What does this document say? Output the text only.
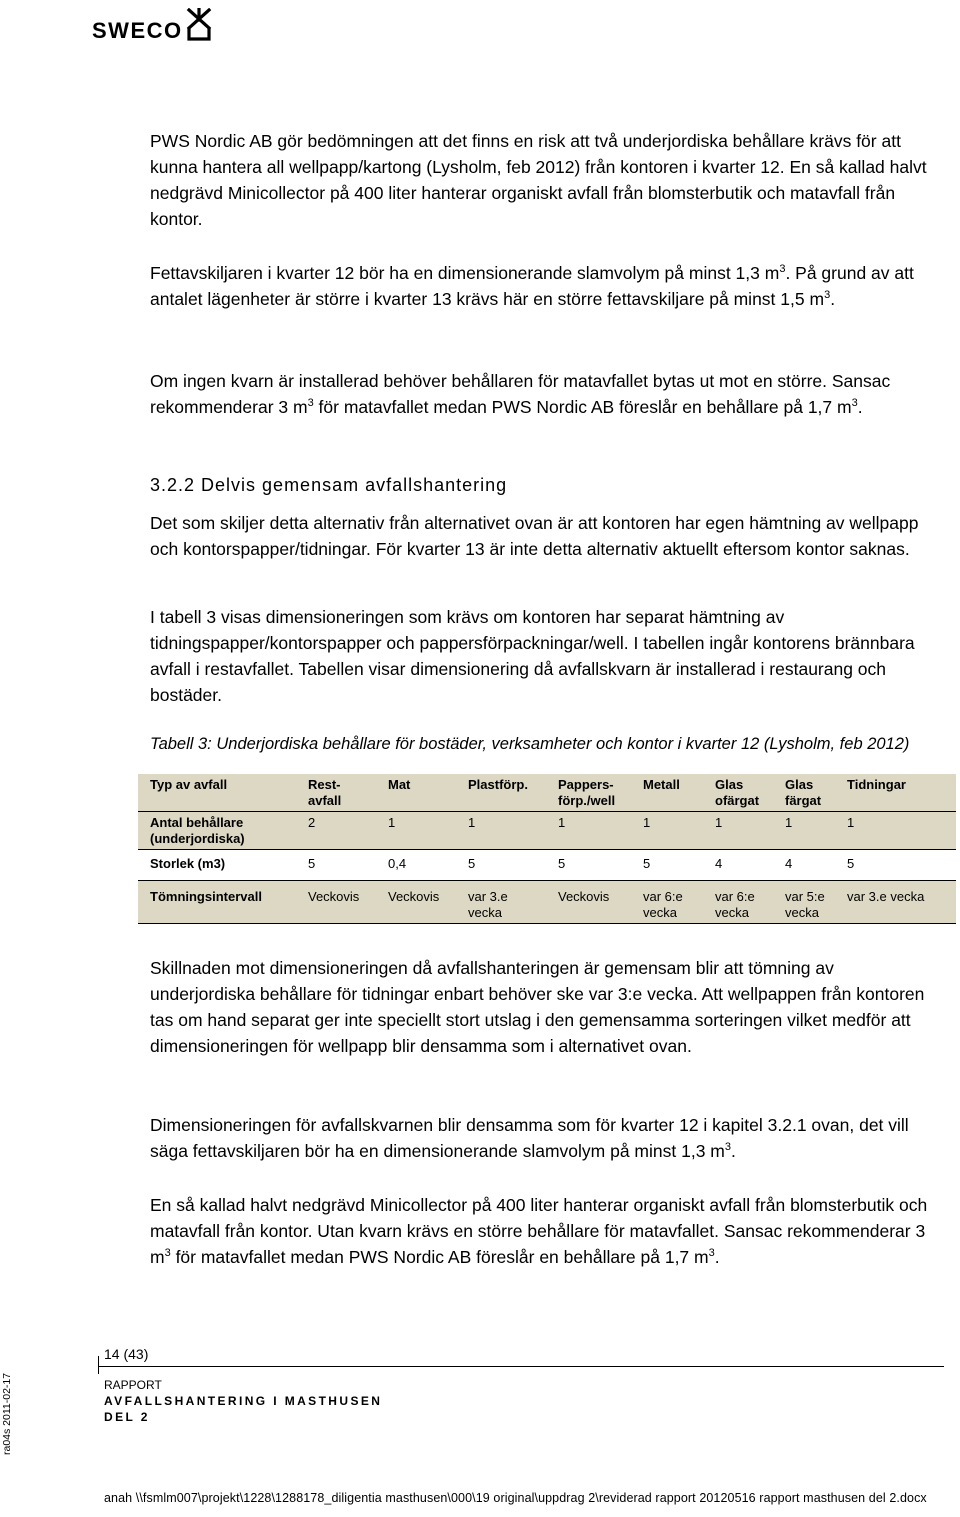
SWECO

PWS Nordic AB gör bedömningen att det finns en risk att två underjordiska behållare krävs för att kunna hantera all wellpapp/kartong (Lysholm, feb 2012) från kontoren i kvarter 12. En så kallad halvt nedgrävd Minicollector på 400 liter hanterar organiskt avfall från blomsterbutik och matavfall från kontor.

Fettavskiljaren i kvarter 12 bör ha en dimensionerande slamvolym på minst 1,3 $m^3$. På grund av att antalet lägenheter är större i kvarter 13 krävs här en större fettavskiljare på minst 1,5 $m^3$.

Om ingen kvarn är installerad behöver behållaren för matavfallet bytas ut mot en större. Sansac rekommenderar 3 $m^3$ för matavfallet medan PWS Nordic AB föreslår en behållare på 1,7 $m^3$.

3.2.2 Delvis gemensam avfallshantering

Det som skiljer detta alternativ från alternativet ovan är att kontoren har egen hämtning av wellpapp och kontorspapper/tidningar. För kvarter 13 är inte detta alternativ aktuellt eftersom kontor saknas.

I tabell 3 visas dimensioneringen som krävs om kontoren har separat hämtning av tidningspapper/kontorspapper och pappersförpackningar/well. I tabellen ingår kontorens brännbara avfall i restavfallet. Tabellen visar dimensionering då avfallskvarn är installerad i restaurang och bostäder.

Tabell 3: Underjordiska behållare för bostäder, verksamheter och kontor i kvarter 12 (Lysholm, feb 2012)
Typ av avfall	Rest-avfall	Mat	Plastförp.	Pappers-förp./well	Metall	Glas ofärgat	Glas färgat	Tidningar
Antal behållare (underjordiska)	2	1	1	1	1	1	1	1
Storlek (m3)	5	0,4	5	5	5	4	4	5
Tömningsintervall	Veckovis	Veckovis	var 3.e vecka	Veckovis	var 6:e vecka	var 6:e vecka	var 5:e vecka	var 3.e vecka

Skillnaden mot dimensioneringen då avfallshanteringen är gemensam blir att tömning av underjordiska behållare för tidningar enbart behöver ske var 3:e vecka. Att wellpappen från kontoren tas om hand separat ger inte speciellt stort utslag i den gemensamma sorteringen vilket medför att dimensioneringen för wellpapp blir densamma som i alternativet ovan.

Dimensioneringen för avfallskvarnen blir densamma som för kvarter 12 i kapitel 3.2.1 ovan, det vill säga fettavskiljaren bör ha en dimensionerande slamvolym på minst 1,3 $m^3$.

En så kallad halvt nedgrävd Minicollector på 400 liter hanterar organiskt avfall från blomsterbutik och matavfall från kontor. Utan kvarn krävs en större behållare för matavfallet. Sansac rekommenderar 3 $m^3$ för matavfallet medan PWS Nordic AB föreslår en behållare på 1,7 $m^3$.

14 (43)
RAPPORT
AVFALLSHANTERING I MASTHUSEN
DEL 2
anah \\fsmlm007\projekt\1228\1288178_diligentia masthusen\000\19 original\uppdrag 2\reviderad rapport 20120516 rapport masthusen del 2.docx
ra04s 2011-02-17
